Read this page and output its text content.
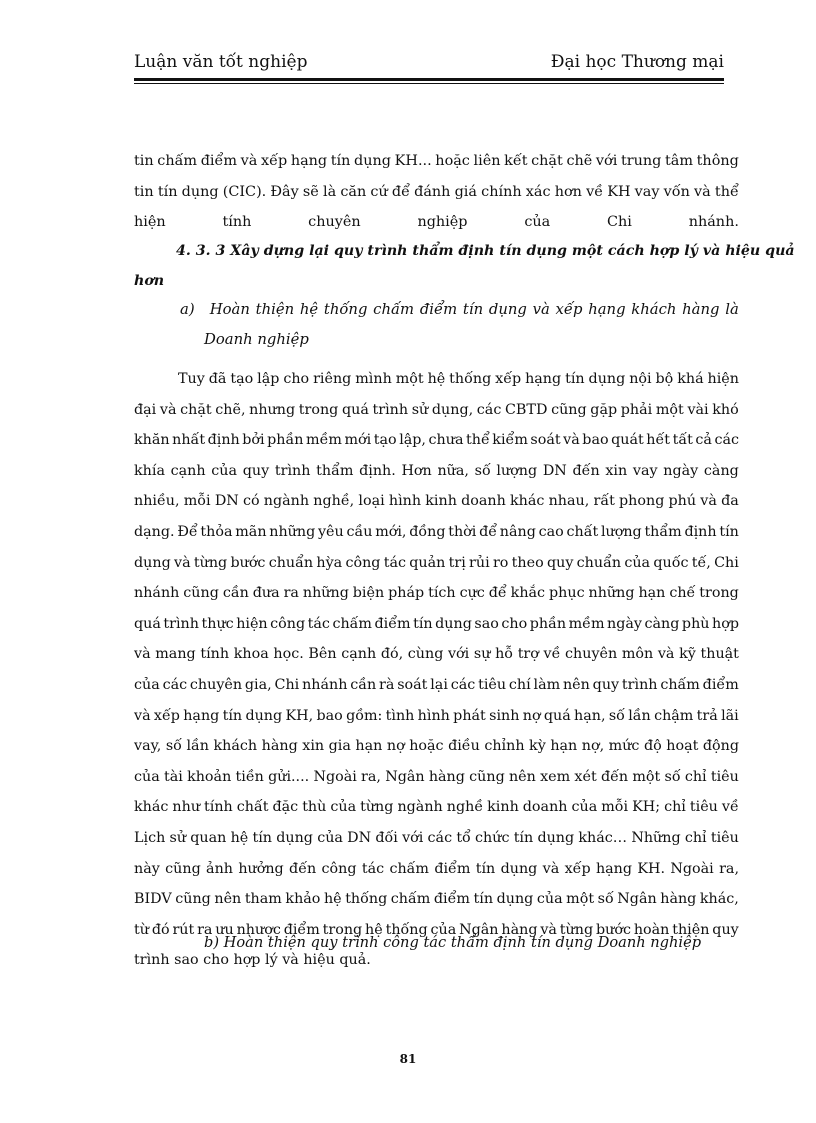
Luận văn tốt nghiệp	Đại học Thương mại
tin chấm điểm và xếp hạng tín dụng KH... hoặc liên kết chặt chẽ với trung tâm thông
tin tín dụng (CIC). Đây sẽ là căn cứ để đánh giá chính xác hơn về KH vay vốn và thể
hiện	tính	chuyên	nghiệp	của	Chi	nhánh.
4. 3. 3 Xây dựng lại quy trình thẩm định tín dụng một cách hợp lý và hiệu quả
hơn
a)	Hoàn thiện hệ thống chấm điểm tín dụng và xếp hạng khách hàng là
Doanh nghiệp
Tuy đã tạo lập cho riêng mình một hệ thống xếp hạng tín dụng nội bộ khá hiện
đại và chặt chẽ, nhưng trong quá trình sử dụng, các CBTD cũng gặp phải một vài khó
khăn nhất định bởi phần mềm mới tạo lập, chưa thể kiểm soát và bao quát hết tất cả các
khía cạnh của quy trình thẩm định. Hơn nữa, số lượng DN đến xin vay ngày càng
nhiều, mỗi DN có ngành nghề, loại hình kinh doanh khác nhau, rất phong phú và đa
dạng. Để thỏa mãn những yêu cầu mới, đồng thời để nâng cao chất lượng thẩm định tín
dụng và từng bước chuẩn hỳa công tác quản trị rủi ro theo quy chuẩn của quốc tế, Chi
nhánh cũng cần đưa ra những biện pháp tích cực để khắc phục những hạn chế trong
quá trình thực hiện công tác chấm điểm tín dụng sao cho phần mềm ngày càng phù hợp
và mang tính khoa học. Bên cạnh đó, cùng với sự hỗ trợ về chuyên môn và kỹ thuật
của các chuyên gia, Chi nhánh cần rà soát lại các tiêu chí làm nên quy trình chấm điểm
và xếp hạng tín dụng KH, bao gồm: tình hình phát sinh nợ quá hạn, số lần chậm trả lãi
vay, số lần khách hàng xin gia hạn nợ hoặc điều chỉnh kỳ hạn nợ, mức độ hoạt động
của tài khoản tiền gửi.... Ngoài ra, Ngân hàng cũng nên xem xét đến một số chỉ tiêu
khác như tính chất đặc thù của từng ngành nghề kinh doanh của mỗi KH; chỉ tiêu về
Lịch sử quan hệ tín dụng của DN đối với các tổ chức tín dụng khác… Những chỉ tiêu
này cũng ảnh hưởng đến công tác chấm điểm tín dụng và xếp hạng KH. Ngoài ra,
BIDV cũng nên tham khảo hệ thống chấm điểm tín dụng của một số Ngân hàng khác,
từ đó rút ra ưu nhược điểm trong hệ thống của Ngân hàng và từng bước hoàn thiện quy
trình sao cho hợp lý và hiệu quả.
b) Hoàn thiện quy trình công tác thẩm định tín dụng Doanh nghiệp
81
